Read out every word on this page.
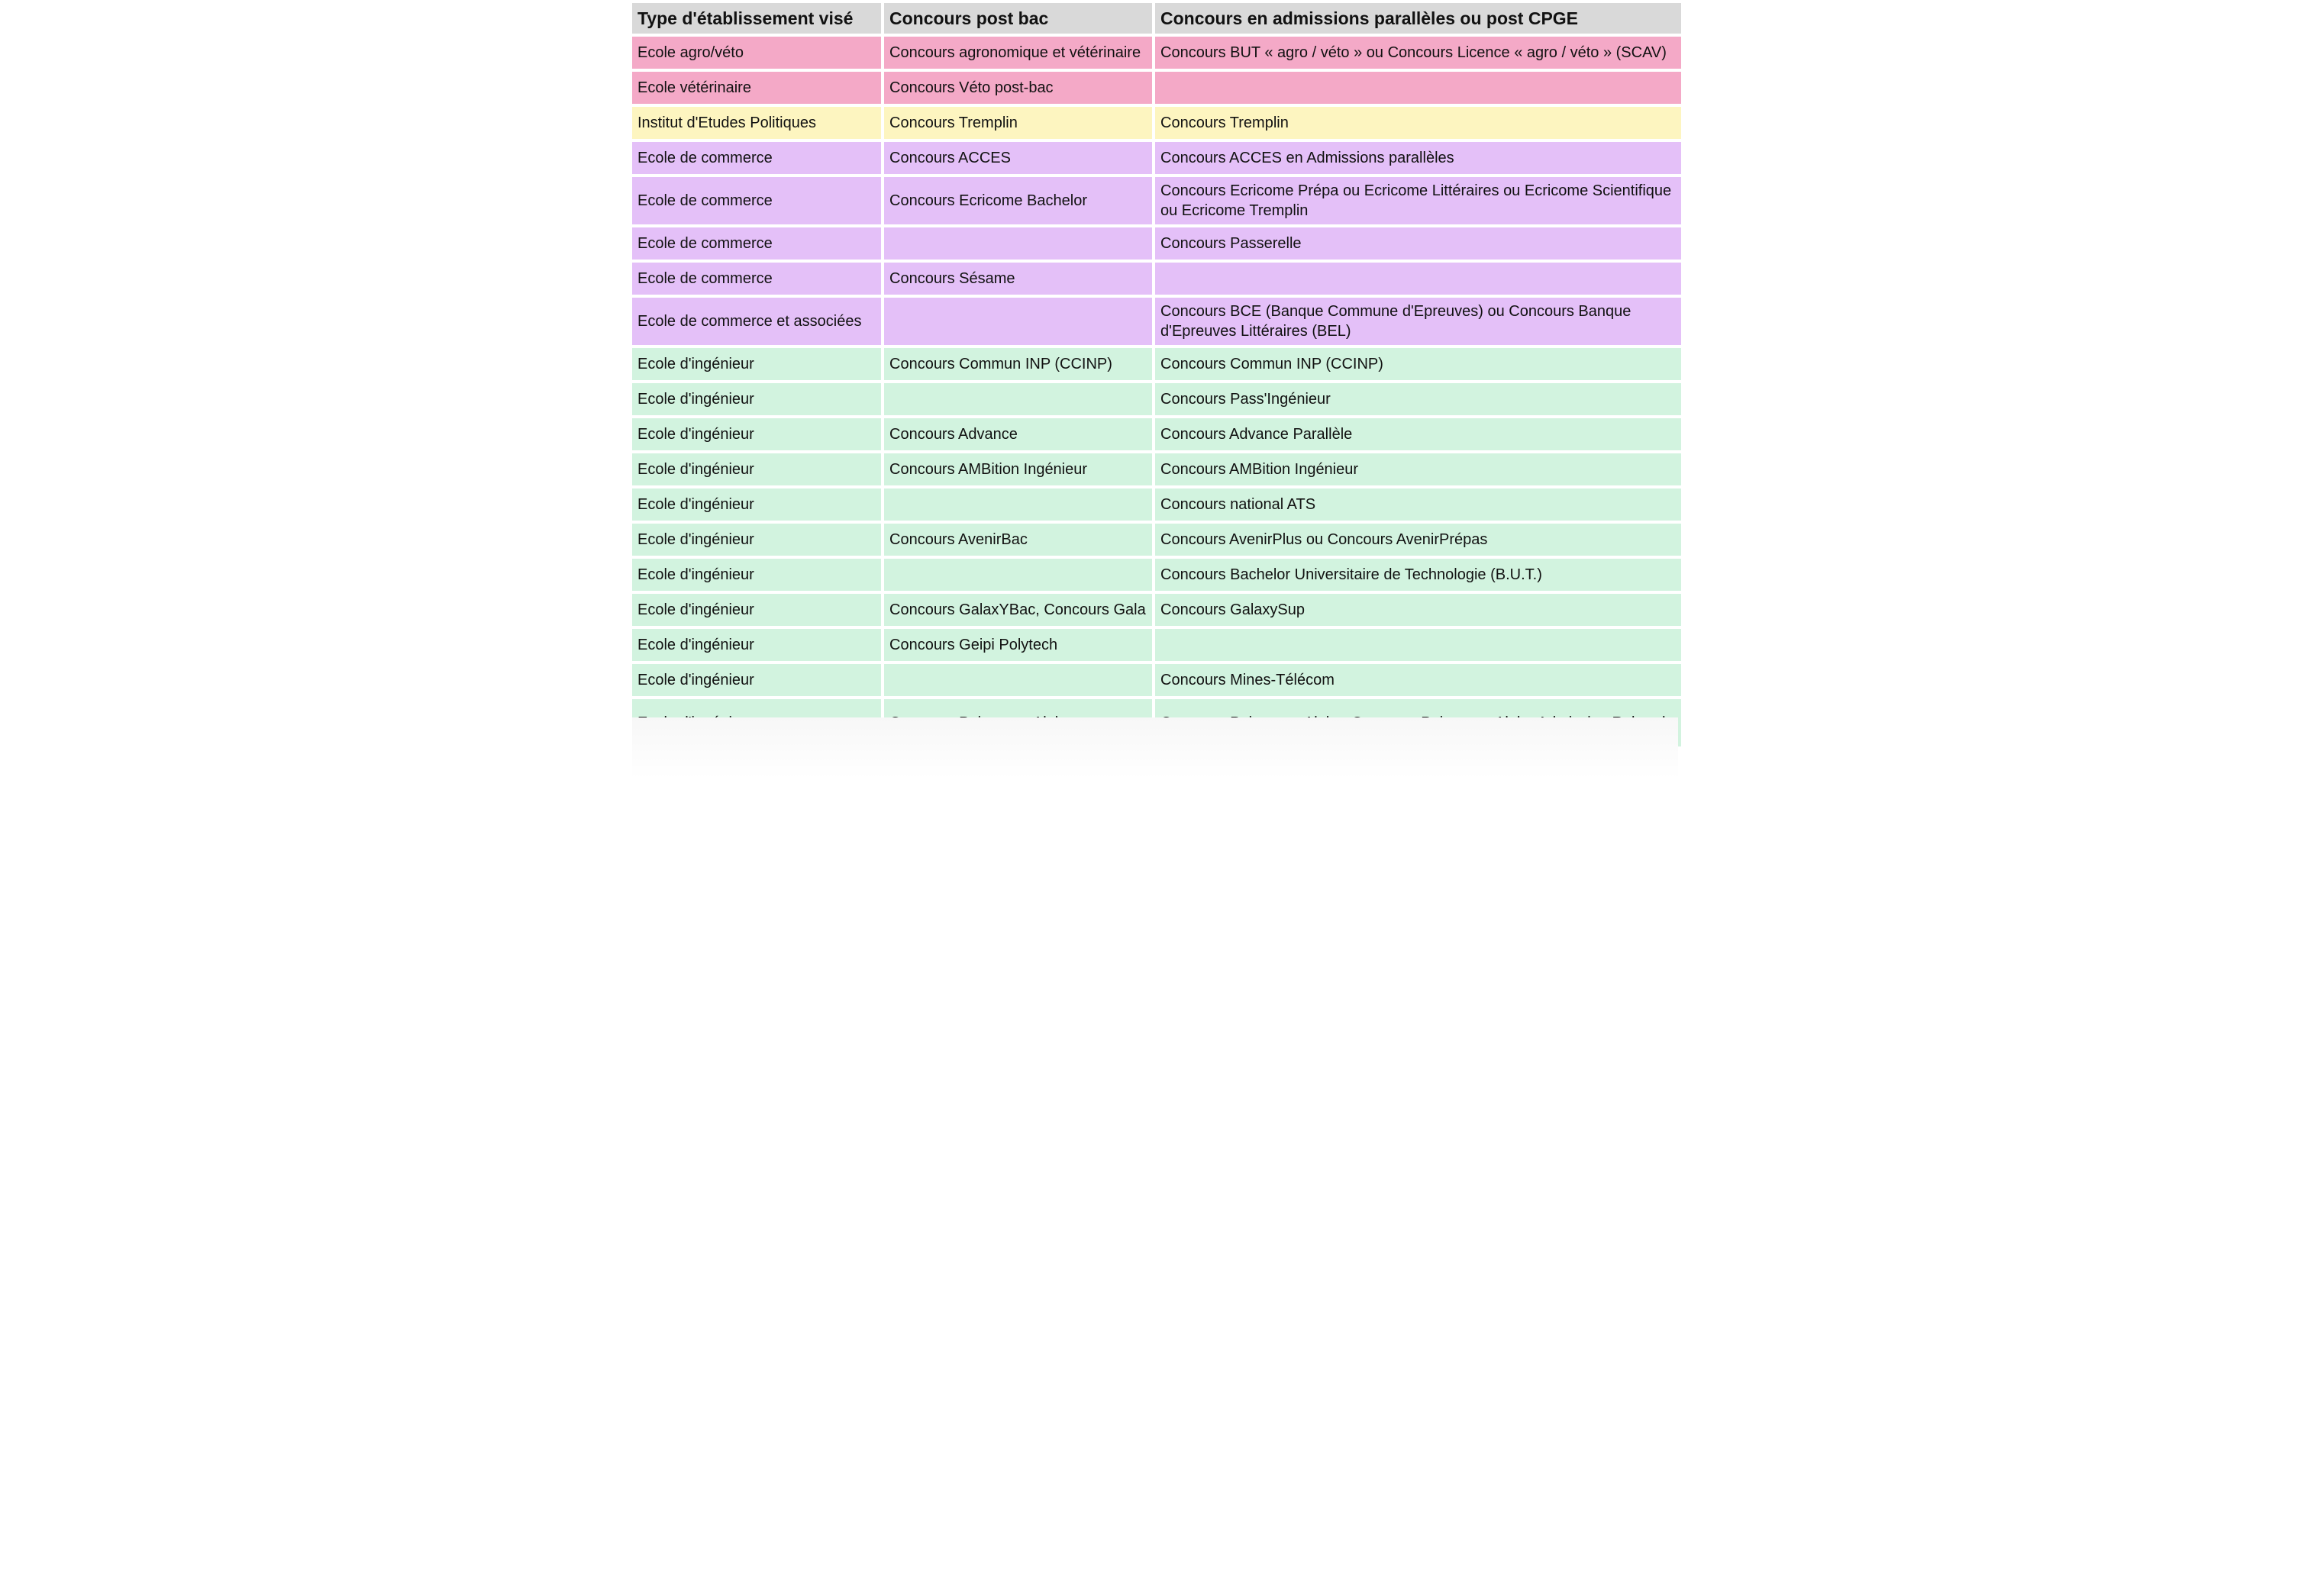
Type d'établissement visé	Concours post bac	Concours en admissions parallèles ou post CPGE
Ecole agro/véto	Concours agronomique et vétérinaire	Concours BUT « agro / véto » ou Concours Licence « agro / véto » (SCAV)
Ecole vétérinaire	Concours Véto post-bac	
Institut d'Etudes Politiques	Concours Tremplin	Concours Tremplin
Ecole de commerce	Concours ACCES	Concours ACCES en Admissions parallèles
Ecole de commerce	Concours Ecricome Bachelor	Concours Ecricome Prépa ou Ecricome Littéraires ou Ecricome Scientifique ou Ecricome Tremplin
Ecole de commerce		Concours Passerelle
Ecole de commerce	Concours Sésame	
Ecole de commerce et associées		Concours BCE (Banque Commune d'Epreuves) ou Concours Banque d'Epreuves Littéraires (BEL)
Ecole d'ingénieur	Concours Commun INP (CCINP)	Concours Commun INP (CCINP)
Ecole d'ingénieur		Concours Pass'Ingénieur
Ecole d'ingénieur	Concours Advance	Concours Advance Parallèle
Ecole d'ingénieur	Concours AMBition Ingénieur	Concours AMBition Ingénieur
Ecole d'ingénieur		Concours national ATS
Ecole d'ingénieur	Concours AvenirBac	Concours AvenirPlus ou Concours AvenirPrépas
Ecole d'ingénieur		Concours Bachelor Universitaire de Technologie (B.U.T.)
Ecole d'ingénieur	Concours GalaxYBac, Concours Gala	Concours GalaxySup
Ecole d'ingénieur	Concours Geipi Polytech	
Ecole d'ingénieur		Concours Mines-Télécom
